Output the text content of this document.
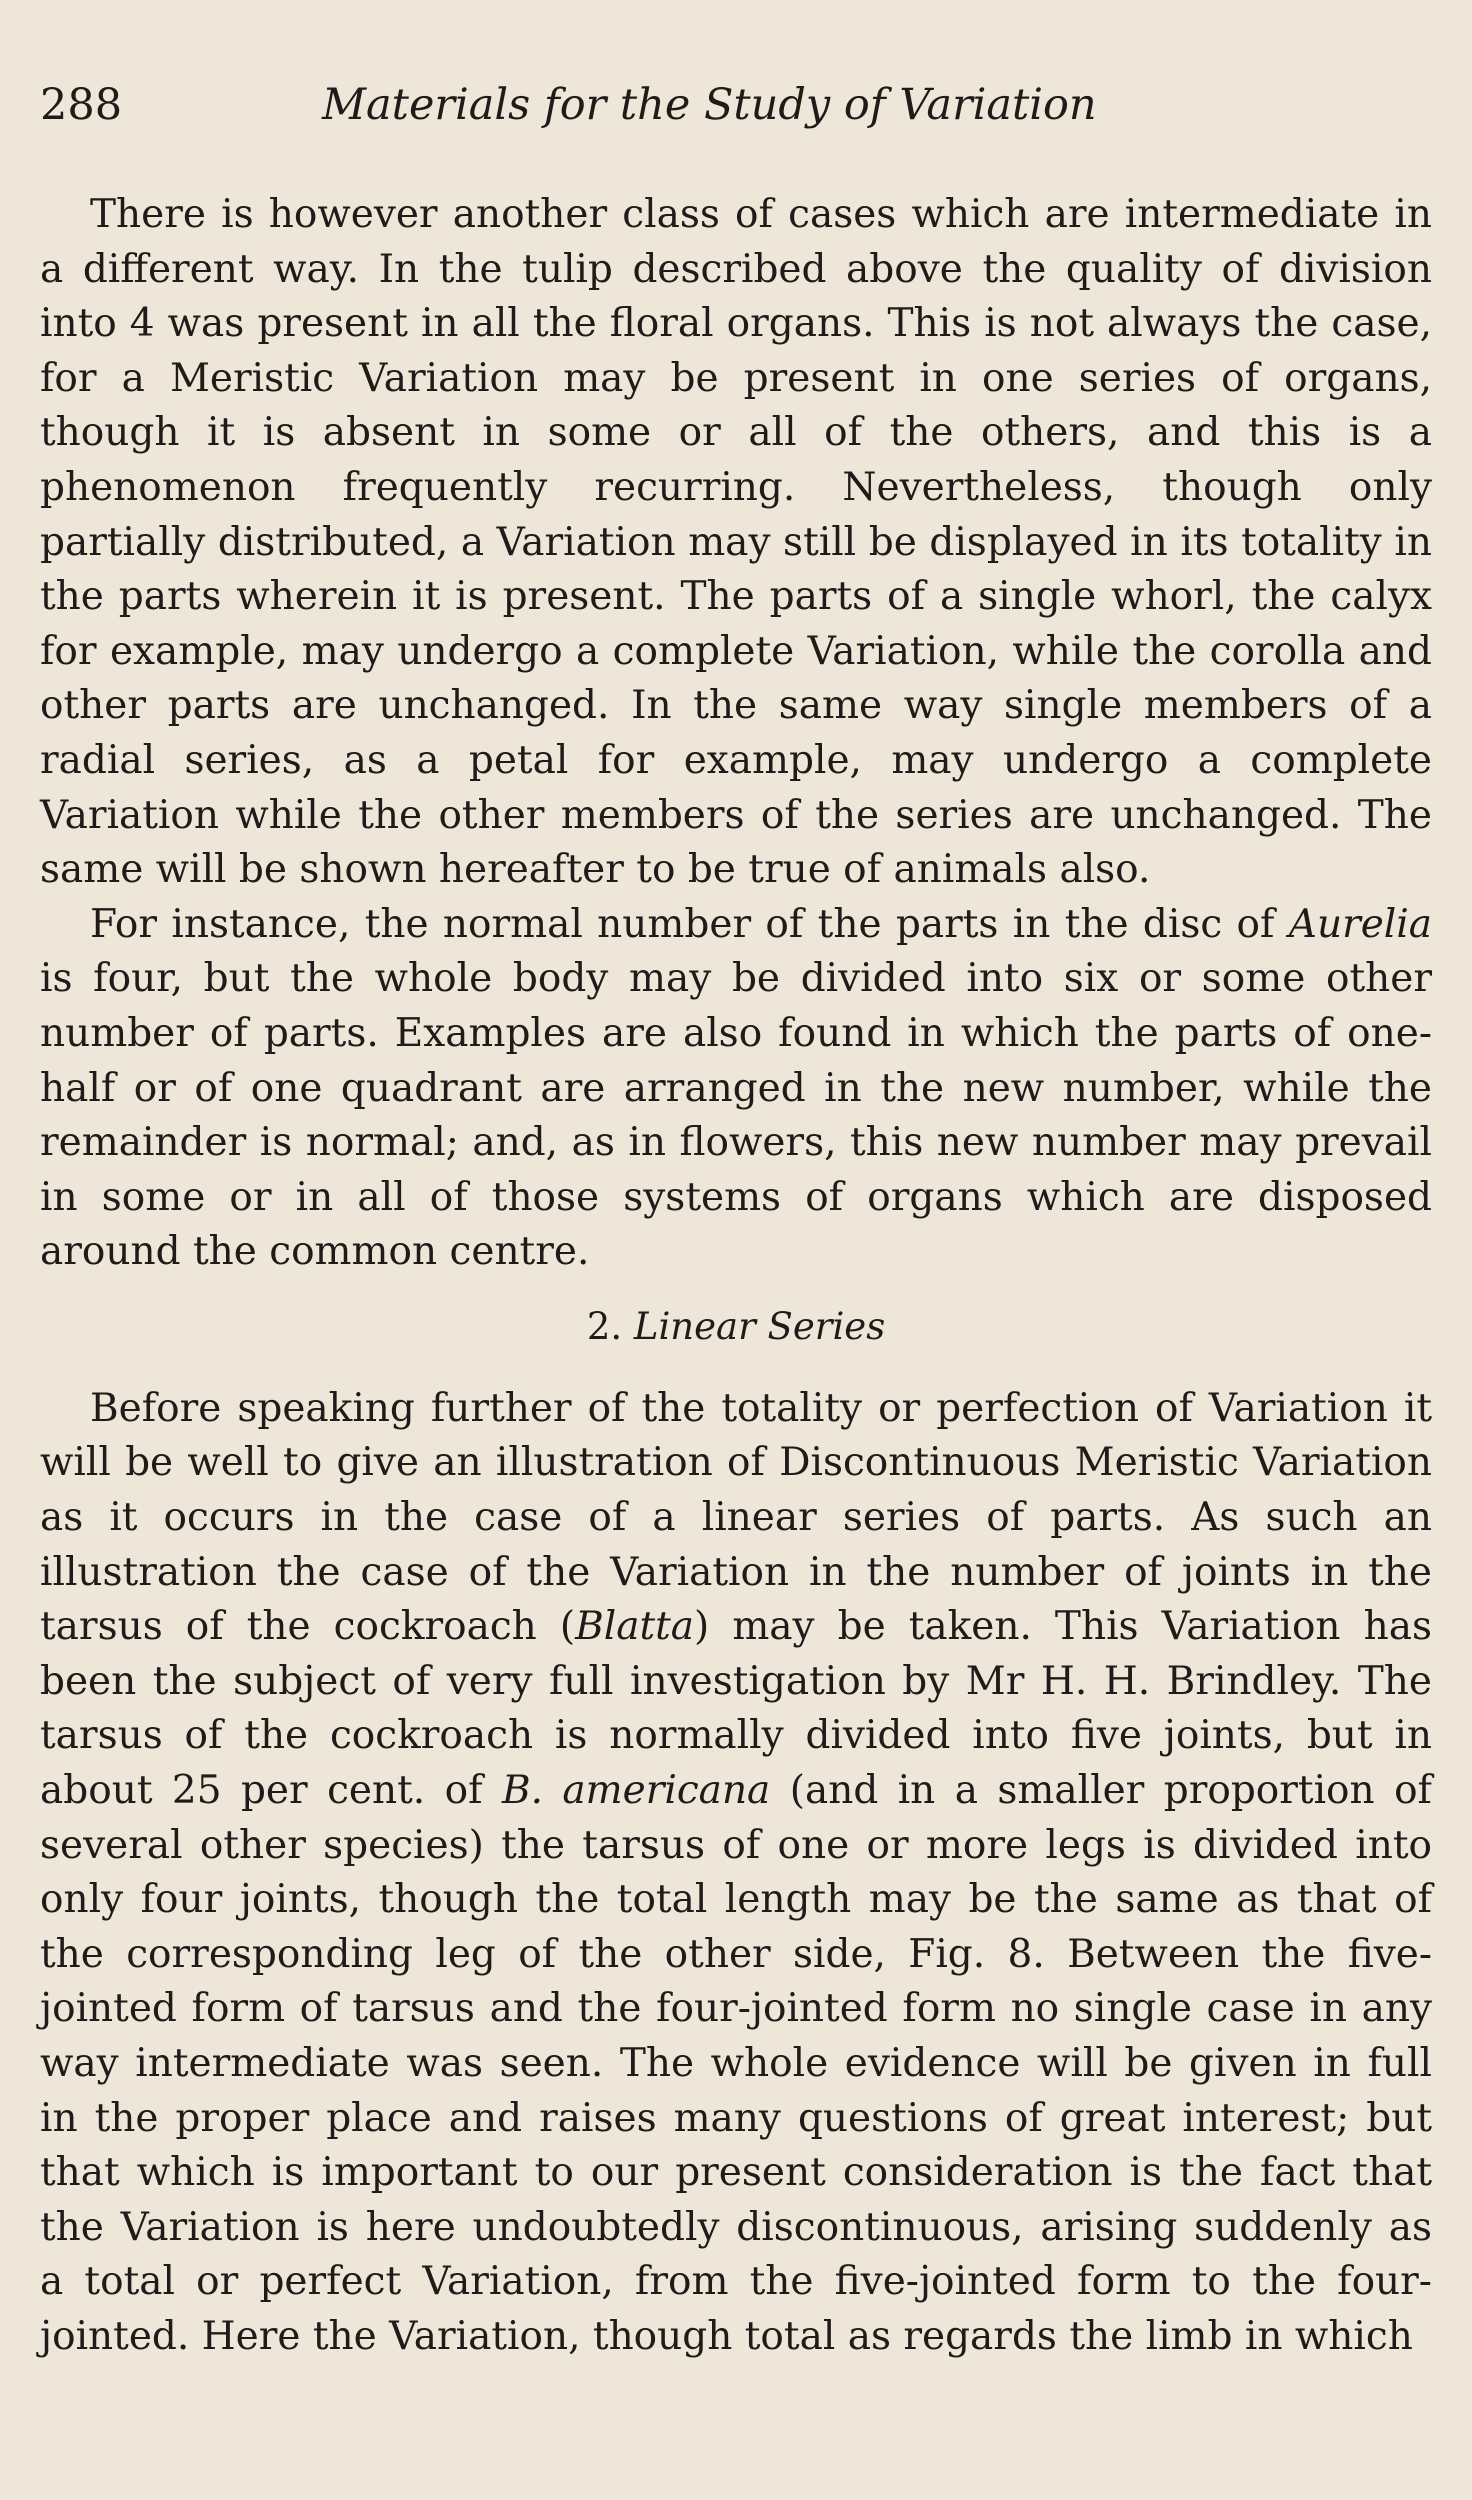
288	Materials for the Study of Variation

There is however another class of cases which are intermediate in a different way. In the tulip described above the quality of division into 4 was present in all the floral organs. This is not always the case, for a Meristic Variation may be present in one series of organs, though it is absent in some or all of the others, and this is a phenomenon frequently recurring. Nevertheless, though only partially distributed, a Variation may still be displayed in its totality in the parts wherein it is present. The parts of a single whorl, the calyx for example, may undergo a complete Variation, while the corolla and other parts are unchanged. In the same way single members of a radial series, as a petal for example, may undergo a complete Variation while the other members of the series are unchanged. The same will be shown hereafter to be true of animals also.

For instance, the normal number of the parts in the disc of Aurelia is four, but the whole body may be divided into six or some other number of parts. Examples are also found in which the parts of one-half or of one quadrant are arranged in the new number, while the remainder is normal; and, as in flowers, this new number may prevail in some or in all of those systems of organs which are disposed around the common centre.

2. Linear Series

Before speaking further of the totality or perfection of Variation it will be well to give an illustration of Discontinuous Meristic Variation as it occurs in the case of a linear series of parts. As such an illustration the case of the Variation in the number of joints in the tarsus of the cockroach (Blatta) may be taken. This Variation has been the subject of very full investigation by Mr H. H. Brindley. The tarsus of the cockroach is normally divided into five joints, but in about 25 per cent. of B. americana (and in a smaller proportion of several other species) the tarsus of one or more legs is divided into only four joints, though the total length may be the same as that of the corresponding leg of the other side, Fig. 8. Between the five-jointed form of tarsus and the four-jointed form no single case in any way intermediate was seen. The whole evidence will be given in full in the proper place and raises many questions of great interest; but that which is important to our present consideration is the fact that the Variation is here undoubtedly discontinuous, arising suddenly as a total or perfect Variation, from the five-jointed form to the four-jointed. Here the Variation, though total as regards the limb in which
